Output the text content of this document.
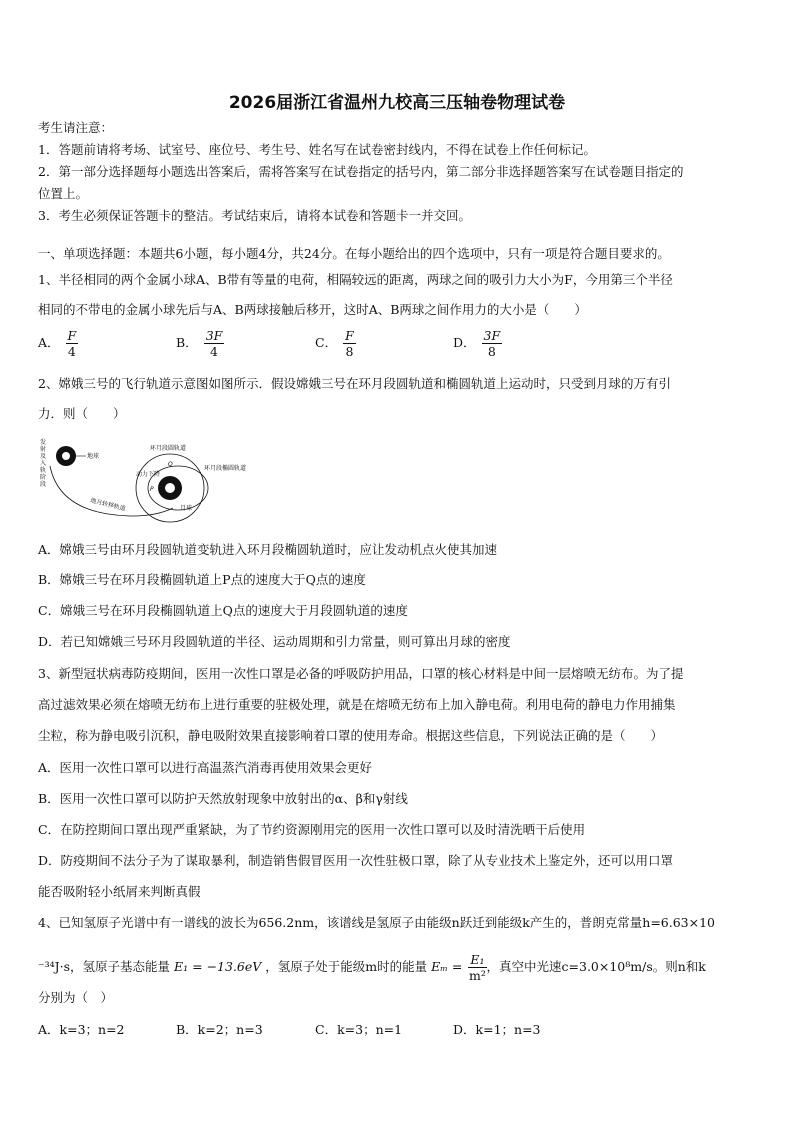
2026届浙江省温州九校高三压轴卷物理试卷
考生请注意：
1．答题前请将考场、试室号、座位号、考生号、姓名写在试卷密封线内，不得在试卷上作任何标记。
2．第一部分选择题每小题选出答案后，需将答案写在试卷指定的括号内，第二部分非选择题答案写在试卷题目指定的
位置上。
3．考生必须保证答题卡的整洁。考试结束后，请将本试卷和答题卡一并交回。
一、单项选择题：本题共6小题，每小题4分，共24分。在每小题给出的四个选项中，只有一项是符合题目要求的。
1、半径相同的两个金属小球A、B带有等量的电荷，相隔较远的距离，两球之间的吸引力大小为F，今用第三个半径
相同的不带电的金属小球先后与A、B两球接触后移开，这时A、B两球之间作用力的大小是（　　）
A． $\frac{F}{4}$	B． $\frac{3F}{4}$	C． $\frac{F}{8}$	D． $\frac{3F}{8}$
2、嫦娥三号的飞行轨道示意图如图所示．假设嫦娥三号在环月段圆轨道和椭圆轨道上运动时，只受到月球的万有引
力．则（　　）
发射及入轨阶段
地球
地月转移轨道
环月段圆轨道
环月段椭圆轨道
动力下降
Q
P
月球
A．嫦娥三号由环月段圆轨道变轨进入环月段椭圆轨道时，应让发动机点火使其加速
B．嫦娥三号在环月段椭圆轨道上P点的速度大于Q点的速度
C．嫦娥三号在环月段椭圆轨道上Q点的速度大于月段圆轨道的速度
D．若已知嫦娥三号环月段圆轨道的半径、运动周期和引力常量，则可算出月球的密度
3、新型冠状病毒防疫期间，医用一次性口罩是必备的呼吸防护用品，口罩的核心材料是中间一层熔喷无纺布。为了提
高过滤效果必须在熔喷无纺布上进行重要的驻极处理，就是在熔喷无纺布上加入静电荷。利用电荷的静电力作用捕集
尘粒，称为静电吸引沉积，静电吸附效果直接影响着口罩的使用寿命。根据这些信息，下列说法正确的是（　　）
A．医用一次性口罩可以进行高温蒸汽消毒再使用效果会更好
B．医用一次性口罩可以防护天然放射现象中放射出的α、β和γ射线
C．在防控期间口罩出现严重紧缺，为了节约资源刚用完的医用一次性口罩可以及时清洗晒干后使用
D．防疫期间不法分子为了谋取暴利，制造销售假冒医用一次性驻极口罩，除了从专业技术上鉴定外，还可以用口罩
能否吸附轻小纸屑来判断真假
4、已知氢原子光谱中有一谱线的波长为656.2nm，该谱线是氢原子由能级n跃迁到能级k产生的，普朗克常量h=6.63×10
⁻³⁴J·s，氢原子基态能量 E₁ = −13.6eV ，氢原子处于能级m时的能量 $E_m = \frac{\text{E₁}}{\text{m²}}$ ，真空中光速c=3.0×10⁸m/s。则n和k
分别为（　）
A．k=3；n=2	B．k=2；n=3	C．k=3；n=1	D．k=1；n=3
